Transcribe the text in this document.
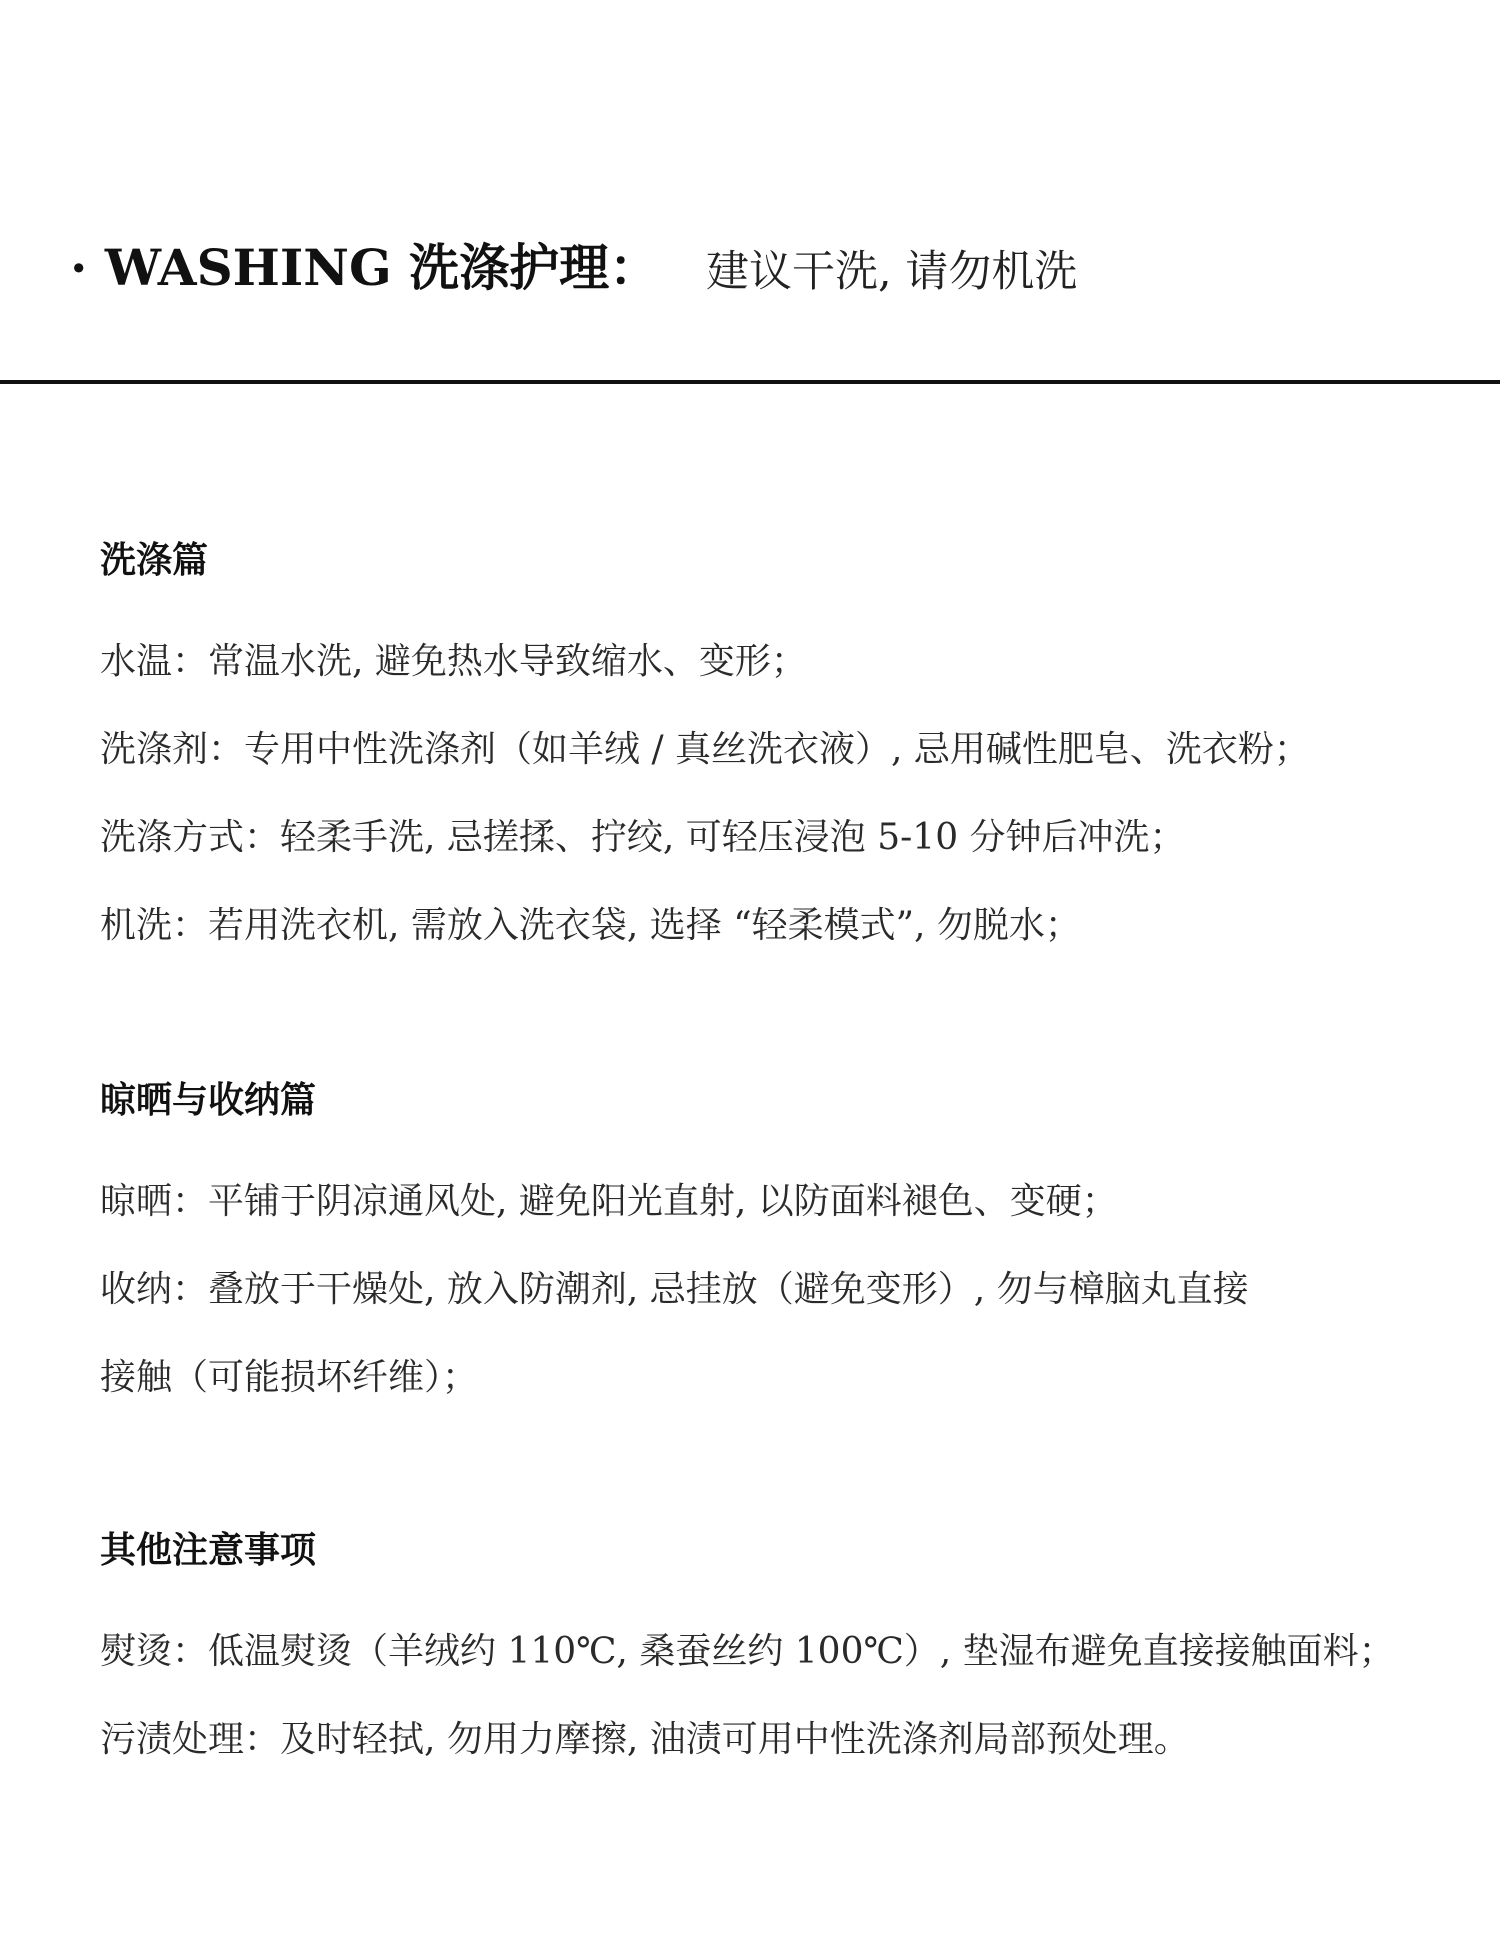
· WASHING 洗涤护理： 建议干洗, 请勿机洗
洗涤篇
水温：常温水洗, 避免热水导致缩水、变形；
洗涤剂：专用中性洗涤剂（如羊绒 / 真丝洗衣液）, 忌用碱性肥皂、洗衣粉；
洗涤方式：轻柔手洗, 忌搓揉、拧绞, 可轻压浸泡 5-10 分钟后冲洗；
机洗：若用洗衣机, 需放入洗衣袋, 选择 “轻柔模式”, 勿脱水；
晾晒与收纳篇
晾晒：平铺于阴凉通风处, 避免阳光直射, 以防面料褪色、变硬；
收纳：叠放于干燥处, 放入防潮剂, 忌挂放（避免变形）, 勿与樟脑丸直接
接触（可能损坏纤维）；
其他注意事项
熨烫：低温熨烫（羊绒约 110℃, 桑蚕丝约 100℃）, 垫湿布避免直接接触面料；
污渍处理：及时轻拭, 勿用力摩擦, 油渍可用中性洗涤剂局部预处理。
